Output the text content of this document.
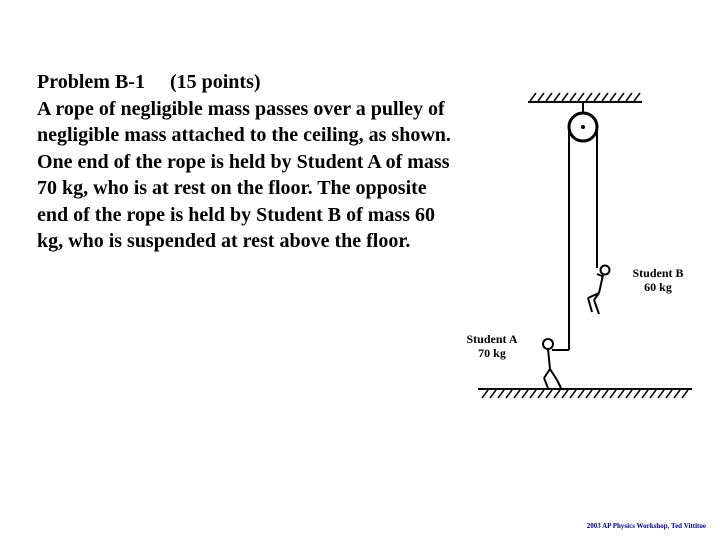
Problem B-1     (15 points)
A rope of negligible mass passes over a pulley of negligible mass attached to the ceiling, as shown. One end of the rope is held by Student A of mass 70 kg, who is at rest on the floor. The opposite end of the rope is held by Student B of mass 60 kg, who is suspended at rest above the floor.
Student B
60 kg
Student A
70 kg
2003 AP Physics Workshop, Ted Vittitoe
